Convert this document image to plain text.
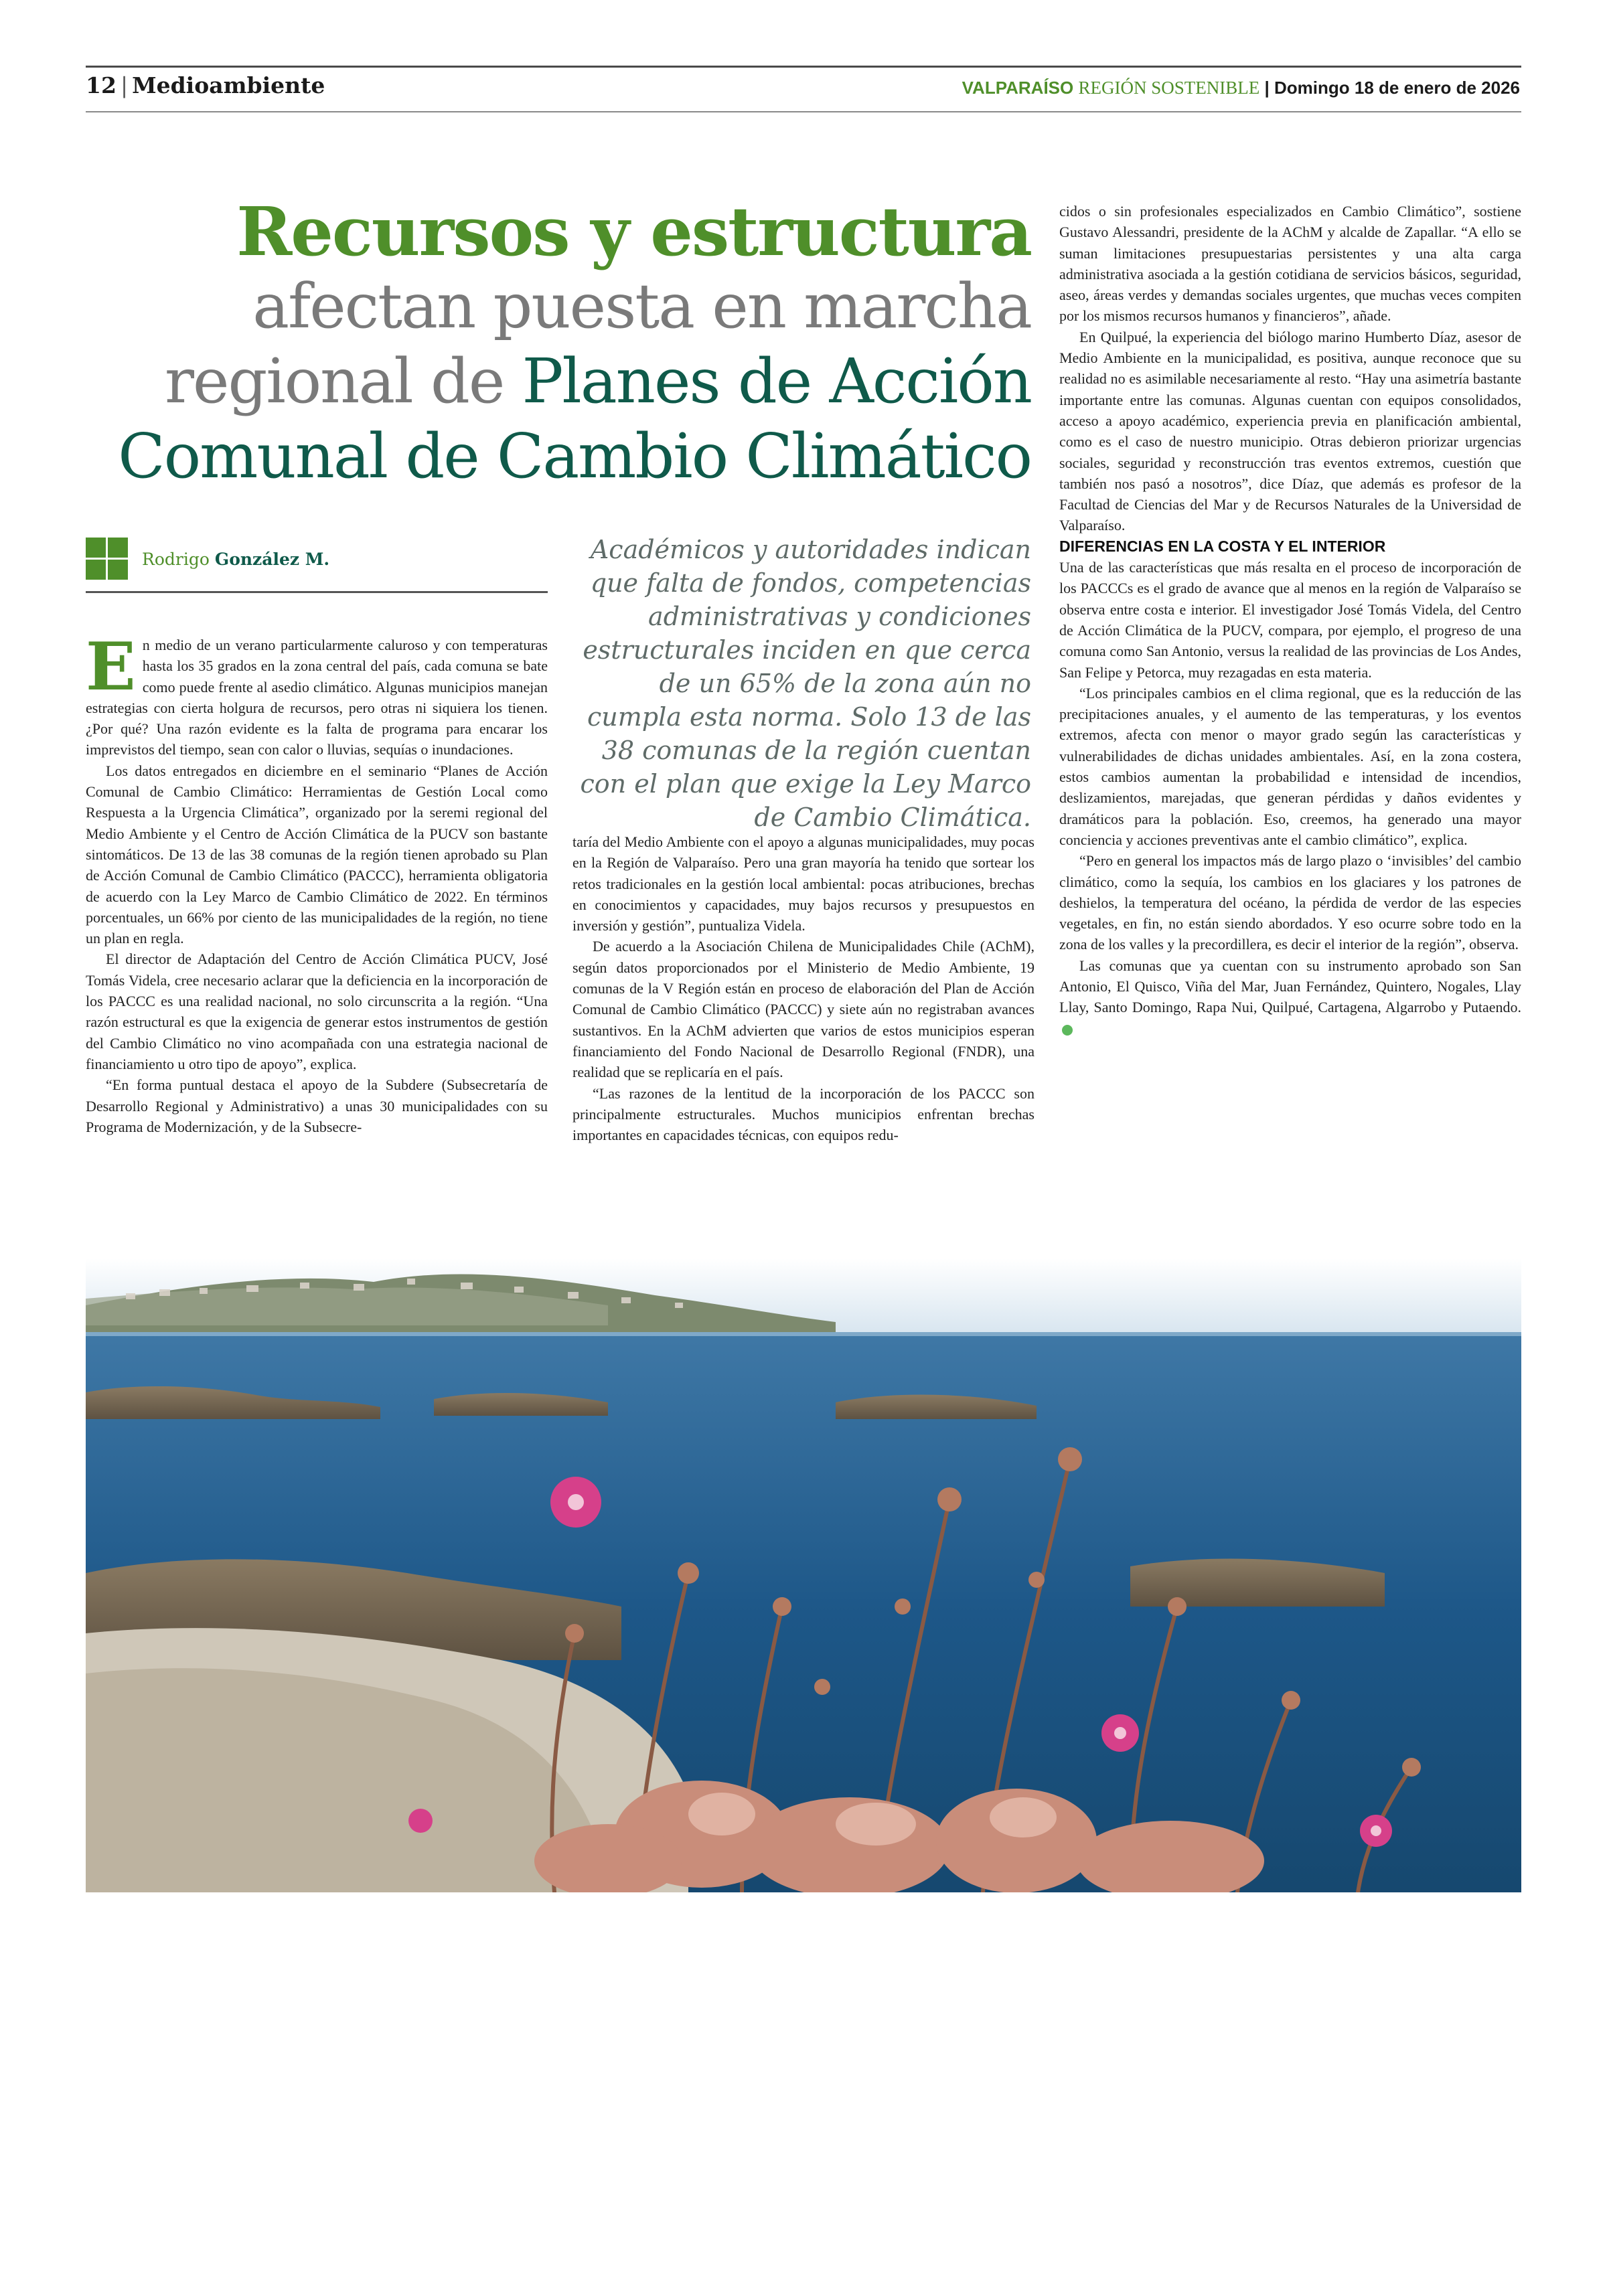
12 | Medioambiente	VALPARAÍSO REGIÓN SOSTENIBLE | Domingo 18 de enero de 2026
Recursos y estructura
afectan puesta en marcha
regional de Planes de Acción
Comunal de Cambio Climático
Rodrigo González M.	Académicos y autoridades indican que falta de fondos, competencias administrativas y condiciones estructurales inciden en que cerca de un 65% de la zona aún no cumpla esta norma. Solo 13 de las 38 comunas de la región cuentan con el plan que exige la Ley Marco de Cambio Climática.

En medio de un verano particularmente caluroso y con temperaturas hasta los 35 grados en la zona central del país, cada comuna se bate como puede frente al asedio climático. Algunas municipios manejan estrategias con cierta holgura de recursos, pero otras ni siquiera los tienen. ¿Por qué? Una razón evidente es la falta de programa para encarar los imprevistos del tiempo, sean con calor o lluvias, sequías o inundaciones.

Los datos entregados en diciembre en el seminario “Planes de Acción Comunal de Cambio Climático: Herramientas de Gestión Local como Respuesta a la Urgencia Climática”, organizado por la seremi regional del Medio Ambiente y el Centro de Acción Climática de la PUCV son bastante sintomáticos. De 13 de las 38 comunas de la región tienen aprobado su Plan de Acción Comunal de Cambio Climático (PACCC), herramienta obligatoria de acuerdo con la Ley Marco de Cambio Climático de 2022. En términos porcentuales, un 66% por ciento de las municipalidades de la región, no tiene un plan en regla.

El director de Adaptación del Centro de Acción Climática PUCV, José Tomás Videla, cree necesario aclarar que la deficiencia en la incorporación de los PACCC es una realidad nacional, no solo circunscrita a la región. “Una razón estructural es que la exigencia de generar estos instrumentos de gestión del Cambio Climático no vino acompañada con una estrategia nacional de financiamiento u otro tipo de apoyo”, explica.

“En forma puntual destaca el apoyo de la Subdere (Subsecretaría de Desarrollo Regional y Administrativo) a unas 30 municipalidades con su Programa de Modernización, y de la Subsecre-

taría del Medio Ambiente con el apoyo a algunas municipalidades, muy pocas en la Región de Valparaíso. Pero una gran mayoría ha tenido que sortear los retos tradicionales en la gestión local ambiental: pocas atribuciones, brechas en conocimientos y capacidades, muy bajos recursos y presupuestos en inversión y gestión”, puntualiza Videla.

De acuerdo a la Asociación Chilena de Municipalidades Chile (AChM), según datos proporcionados por el Ministerio de Medio Ambiente, 19 comunas de la V Región están en proceso de elaboración del Plan de Acción Comunal de Cambio Climático (PACCC) y siete aún no registraban avances sustantivos. En la AChM advierten que varios de estos municipios esperan financiamiento del Fondo Nacional de Desarrollo Regional (FNDR), una realidad que se replicaría en el país.

“Las razones de la lentitud de la incorporación de los PACCC son principalmente estructurales. Muchos municipios enfrentan brechas importantes en capacidades técnicas, con equipos redu-

cidos o sin profesionales especializados en Cambio Climático”, sostiene Gustavo Alessandri, presidente de la AChM y alcalde de Zapallar. “A ello se suman limitaciones presupuestarias persistentes y una alta carga administrativa asociada a la gestión cotidiana de servicios básicos, seguridad, aseo, áreas verdes y demandas sociales urgentes, que muchas veces compiten por los mismos recursos humanos y financieros”, añade.

En Quilpué, la experiencia del biólogo marino Humberto Díaz, asesor de Medio Ambiente en la municipalidad, es positiva, aunque reconoce que su realidad no es asimilable necesariamente al resto. “Hay una asimetría bastante importante entre las comunas. Algunas cuentan con equipos consolidados, acceso a apoyo académico, experiencia previa en planificación ambiental, como es el caso de nuestro municipio. Otras debieron priorizar urgencias sociales, seguridad y reconstrucción tras eventos extremos, cuestión que también nos pasó a nosotros”, dice Díaz, que además es profesor de la Facultad de Ciencias del Mar y de Recursos Naturales de la Universidad de Valparaíso.

DIFERENCIAS EN LA COSTA Y EL INTERIOR

Una de las características que más resalta en el proceso de incorporación de los PACCCs es el grado de avance que al menos en la región de Valparaíso se observa entre costa e interior. El investigador José Tomás Videla, del Centro de Acción Climática de la PUCV, compara, por ejemplo, el progreso de una comuna como San Antonio, versus la realidad de las provincias de Los Andes, San Felipe y Petorca, muy rezagadas en esta materia.

“Los principales cambios en el clima regional, que es la reducción de las precipitaciones anuales, y el aumento de las temperaturas, y los eventos extremos, afecta con menor o mayor grado según las características y vulnerabilidades de dichas unidades ambientales. Así, en la zona costera, estos cambios aumentan la probabilidad e intensidad de incendios, deslizamientos, marejadas, que generan pérdidas y daños evidentes y dramáticos para la población. Eso, creemos, ha generado una mayor conciencia y acciones preventivas ante el cambio climático”, explica.

“Pero en general los impactos más de largo plazo o ‘invisibles’ del cambio climático, como la sequía, los cambios en los glaciares y los patrones de deshielos, la temperatura del océano, la pérdida de verdor de las especies vegetales, en fin, no están siendo abordados. Y eso ocurre sobre todo en la zona de los valles y la precordillera, es decir el interior de la región”, observa.

Las comunas que ya cuentan con su instrumento aprobado son San Antonio, El Quisco, Viña del Mar, Juan Fernández, Quintero, Nogales, Llay Llay, Santo Domingo, Rapa Nui, Quilpué, Cartagena, Algarrobo y Putaendo.
